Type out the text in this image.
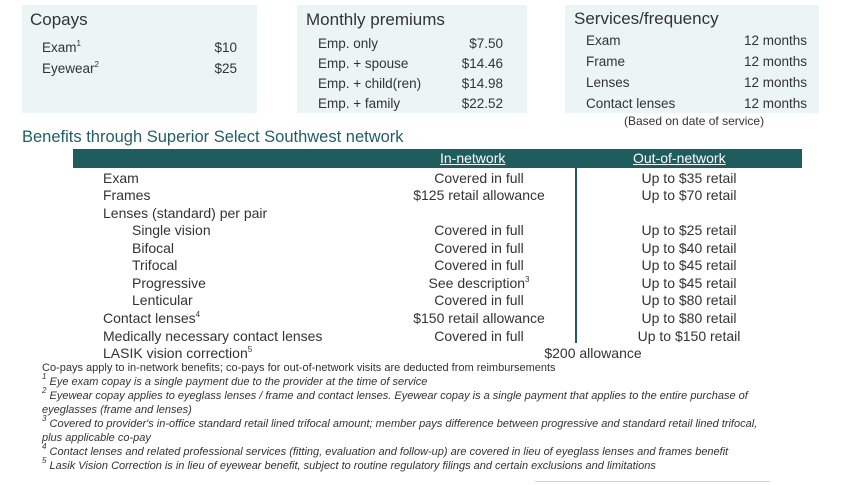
Copays
Exam$^1$	$10
Eyewear$^2$	$25
Monthly premiums
Emp. only	$7.50
Emp. + spouse	$14.46
Emp. + child(ren)	$14.98
Emp. + family	$22.52
Services/frequency
Exam	12 months
Frame	12 months
Lenses	12 months
Contact lenses	12 months
(Based on date of service)
Benefits through Superior Select Southwest network
In-network	Out-of-network
Exam	Covered in full	Up to $35 retail
Frames	$125 retail allowance	Up to $70 retail
Lenses (standard) per pair
Single vision	Covered in full	Up to $25 retail
Bifocal	Covered in full	Up to $40 retail
Trifocal	Covered in full	Up to $45 retail
Progressive	See description$^3$	Up to $45 retail
Lenticular	Covered in full	Up to $80 retail
Contact lenses$^4$	$150 retail allowance	Up to $80 retail
Medically necessary contact lenses	Covered in full	Up to $150 retail
LASIK vision correction$^5$	$200 allowance
Co-pays apply to in-network benefits; co-pays for out-of-network visits are deducted from reimbursements
$^1$ Eye exam copay is a single payment due to the provider at the time of service
$^2$ Eyewear copay applies to eyeglass lenses / frame and contact lenses. Eyewear copay is a single payment that applies to the entire purchase of
eyeglasses (frame and lenses)
$^3$ Covered to provider's in-office standard retail lined trifocal amount; member pays difference between progressive and standard retail lined trifocal,
plus applicable co-pay
$^4$ Contact lenses and related professional services (fitting, evaluation and follow-up) are covered in lieu of eyeglass lenses and frames benefit
$^5$ Lasik Vision Correction is in lieu of eyewear benefit, subject to routine regulatory filings and certain exclusions and limitations
